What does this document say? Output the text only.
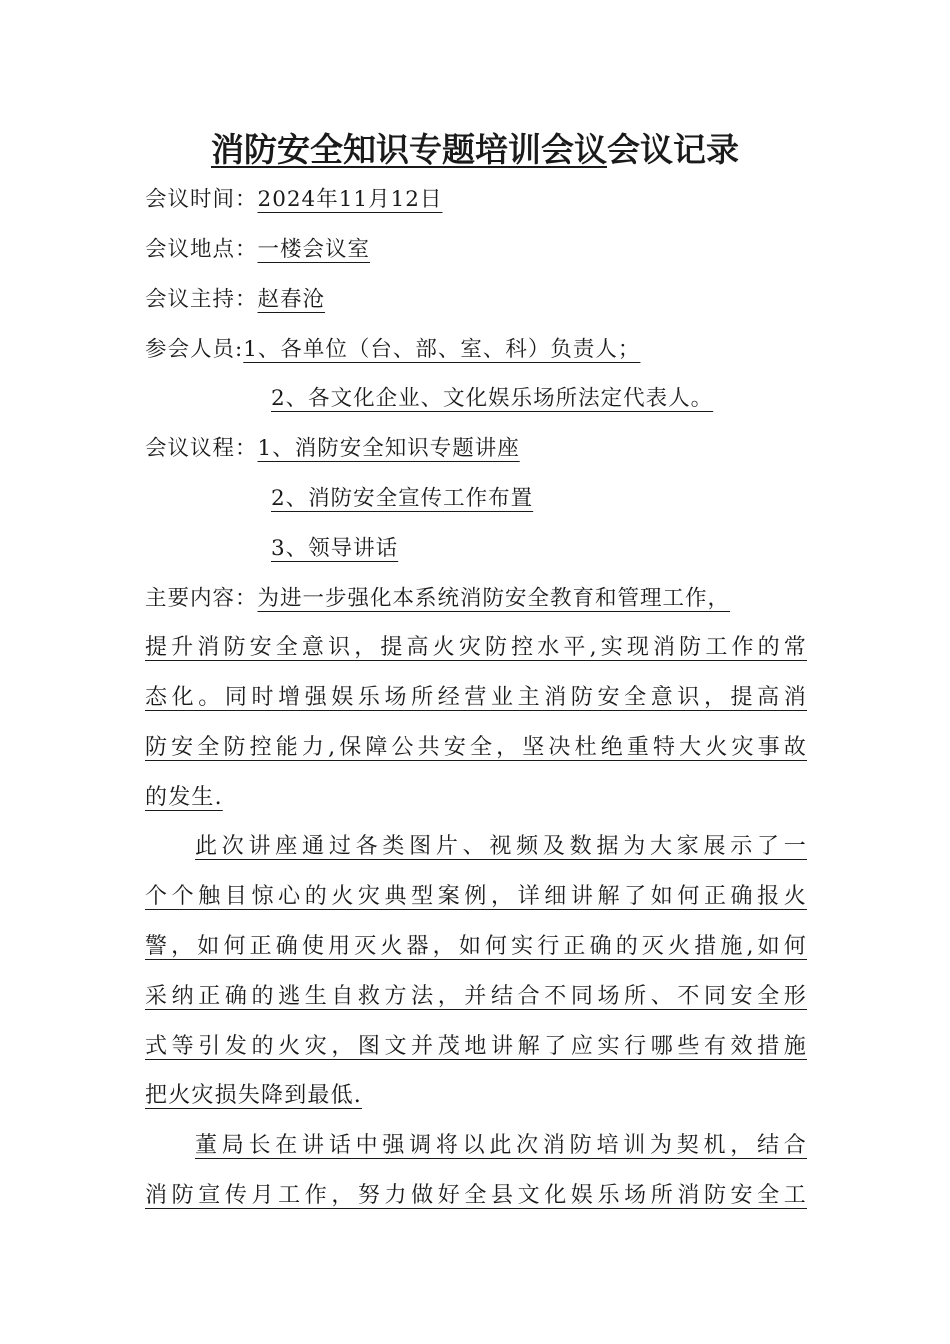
消防安全知识专题培训会议会议记录
会议时间：2024年11月12日
会议地点：一楼会议室
会议主持：赵春沧
参会人员:1、各单位（台、部、室、科）负责人；
2、各文化企业、文化娱乐场所法定代表人。
会议议程：1、消防安全知识专题讲座
2、消防安全宣传工作布置
3、领导讲话
主要内容：为进一步强化本系统消防安全教育和管理工作，
提升消防安全意识，提高火灾防控水平,实现消防工作的常
态化。同时增强娱乐场所经营业主消防安全意识，提高消
防安全防控能力,保障公共安全，坚决杜绝重特大火灾事故
的发生.
此次讲座通过各类图片、视频及数据为大家展示了一
个个触目惊心的火灾典型案例，详细讲解了如何正确报火
警，如何正确使用灭火器，如何实行正确的灭火措施,如何
采纳正确的逃生自救方法，并结合不同场所、不同安全形
式等引发的火灾，图文并茂地讲解了应实行哪些有效措施
把火灾损失降到最低.
董局长在讲话中强调将以此次消防培训为契机，结合
消防宣传月工作，努力做好全县文化娱乐场所消防安全工
